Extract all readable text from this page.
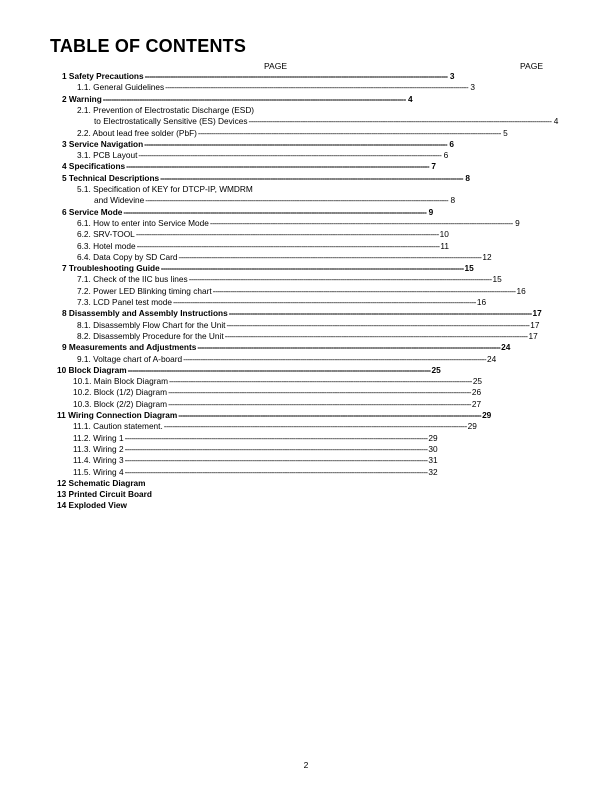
TABLE OF CONTENTS
PAGE	PAGE
1 Safety Precautions -------------------------------------------------------------------------------------------------------------------------------------------- 3
1.1. General Guidelines -------------------------------------------------------------------------------------------------------------------------------------------- 3
2 Warning -------------------------------------------------------------------------------------------------------------------------------------------- 4
2.1. Prevention of Electrostatic Discharge (ESD)
to Electrostatically Sensitive (ES) Devices -------------------------------------------------------------------------------------------------------------------------------------------- 4
2.2. About lead free solder (PbF) -------------------------------------------------------------------------------------------------------------------------------------------- 5
3 Service Navigation -------------------------------------------------------------------------------------------------------------------------------------------- 6
3.1. PCB Layout -------------------------------------------------------------------------------------------------------------------------------------------- 6
4 Specifications -------------------------------------------------------------------------------------------------------------------------------------------- 7
5 Technical Descriptions -------------------------------------------------------------------------------------------------------------------------------------------- 8
5.1. Specification of KEY for DTCP-IP, WMDRM
and Widevine -------------------------------------------------------------------------------------------------------------------------------------------- 8
6 Service Mode -------------------------------------------------------------------------------------------------------------------------------------------- 9
6.1. How to enter into Service Mode -------------------------------------------------------------------------------------------------------------------------------------------- 9
6.2. SRV-TOOL -------------------------------------------------------------------------------------------------------------------------------------------- 10
6.3. Hotel mode -------------------------------------------------------------------------------------------------------------------------------------------- 11
6.4. Data Copy by SD Card -------------------------------------------------------------------------------------------------------------------------------------------- 12
7 Troubleshooting Guide -------------------------------------------------------------------------------------------------------------------------------------------- 15
7.1. Check of the IIC bus lines -------------------------------------------------------------------------------------------------------------------------------------------- 15
7.2. Power LED Blinking timing chart -------------------------------------------------------------------------------------------------------------------------------------------- 16
7.3. LCD Panel test mode -------------------------------------------------------------------------------------------------------------------------------------------- 16
8 Disassembly and Assembly Instructions -------------------------------------------------------------------------------------------------------------------------------------------- 17
8.1. Disassembly Flow Chart for the Unit -------------------------------------------------------------------------------------------------------------------------------------------- 17
8.2. Disassembly Procedure for the Unit -------------------------------------------------------------------------------------------------------------------------------------------- 17
9 Measurements and Adjustments -------------------------------------------------------------------------------------------------------------------------------------------- 24
9.1. Voltage chart of A-board -------------------------------------------------------------------------------------------------------------------------------------------- 24
10 Block Diagram -------------------------------------------------------------------------------------------------------------------------------------------- 25
10.1. Main Block Diagram -------------------------------------------------------------------------------------------------------------------------------------------- 25
10.2. Block (1/2) Diagram -------------------------------------------------------------------------------------------------------------------------------------------- 26
10.3. Block (2/2) Diagram -------------------------------------------------------------------------------------------------------------------------------------------- 27
11 Wiring Connection Diagram -------------------------------------------------------------------------------------------------------------------------------------------- 29
11.1. Caution statement. -------------------------------------------------------------------------------------------------------------------------------------------- 29
11.2. Wiring 1 -------------------------------------------------------------------------------------------------------------------------------------------- 29
11.3. Wiring 2 -------------------------------------------------------------------------------------------------------------------------------------------- 30
11.4. Wiring 3 -------------------------------------------------------------------------------------------------------------------------------------------- 31
11.5. Wiring 4 -------------------------------------------------------------------------------------------------------------------------------------------- 32
12 Schematic Diagram
13 Printed Circuit Board
14 Exploded View
2
